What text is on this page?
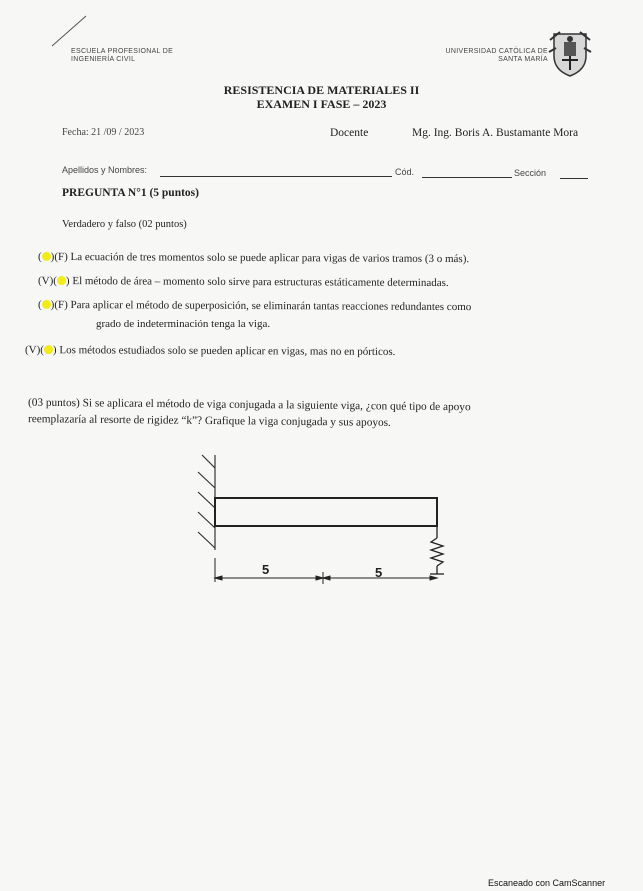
ESCUELA PROFESIONAL DE
INGENIERÍA CIVIL
UNIVERSIDAD CATÓLICA DE
SANTA MARÍA
RESISTENCIA DE MATERIALES II
EXAMEN I FASE – 2023
Fecha: 21 /09 / 2023	Docente	Mg. Ing. Boris A. Bustamante Mora
Apellidos y Nombres:	Cód.	Sección
PREGUNTA N°1 (5 puntos)
Verdadero y falso (02 puntos)
( )(F) La ecuación de tres momentos solo se puede aplicar para vigas de varios tramos (3 o más).
(V)( ) El método de área – momento solo sirve para estructuras estáticamente determinadas.
( )(F) Para aplicar el método de superposición, se eliminarán tantas reacciones redundantes como
grado de indeterminación tenga la viga.
(V)( ) Los métodos estudiados solo se pueden aplicar en vigas, mas no en pórticos.
(03 puntos) Si se aplicara el método de viga conjugada a la siguiente viga, ¿con qué tipo de apoyo
reemplazaría al resorte de rigidez “k”? Grafique la viga conjugada y sus apoyos.
5	5
Escaneado con CamScanner
